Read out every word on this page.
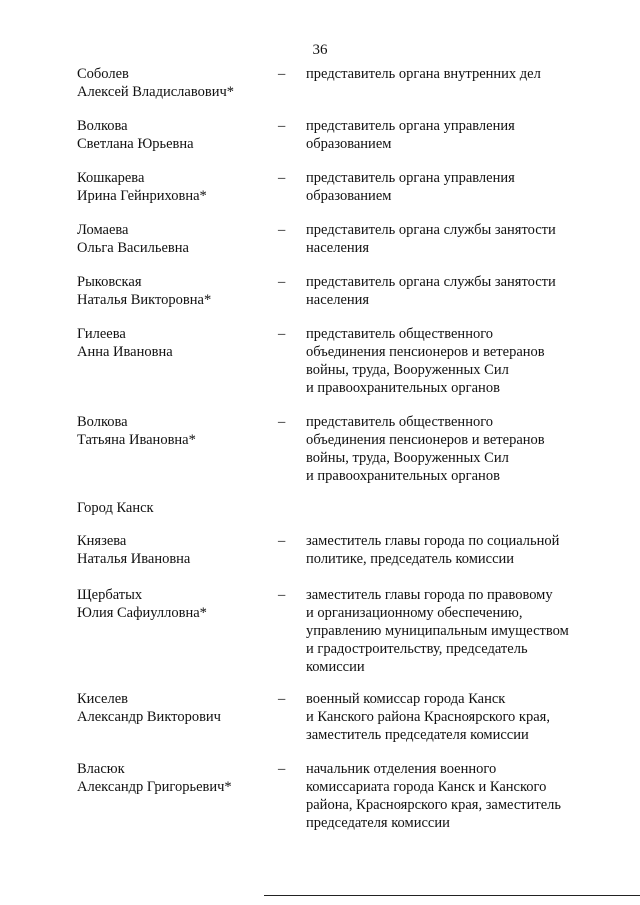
36
Соболев
Алексей Владиславович*
– представитель органа внутренних дел
Волкова
Светлана Юрьевна
– представитель органа управления
образованием
Кошкарева
Ирина Гейнриховна*
– представитель органа управления
образованием
Ломаева
Ольга Васильевна
– представитель органа службы занятости
населения
Рыковская
Наталья Викторовна*
– представитель органа службы занятости
населения
Гилеева
Анна Ивановна
– представитель общественного
объединения пенсионеров и ветеранов
войны, труда, Вооруженных Сил
и правоохранительных органов
Волкова
Татьяна Ивановна*
– представитель общественного
объединения пенсионеров и ветеранов
войны, труда, Вооруженных Сил
и правоохранительных органов
Город Канск
Князева
Наталья Ивановна
– заместитель главы города по социальной
политике, председатель комиссии
Щербатых
Юлия Сафиулловна*
– заместитель главы города по правовому
и организационному обеспечению,
управлению муниципальным имуществом
и градостроительству, председатель
комиссии
Киселев
Александр Викторович
– военный комиссар города Канск
и Канского района Красноярского края,
заместитель председателя комиссии
Власюк
Александр Григорьевич*
– начальник отделения военного
комиссариата города Канск и Канского
района, Красноярского края, заместитель
председателя комиссии
